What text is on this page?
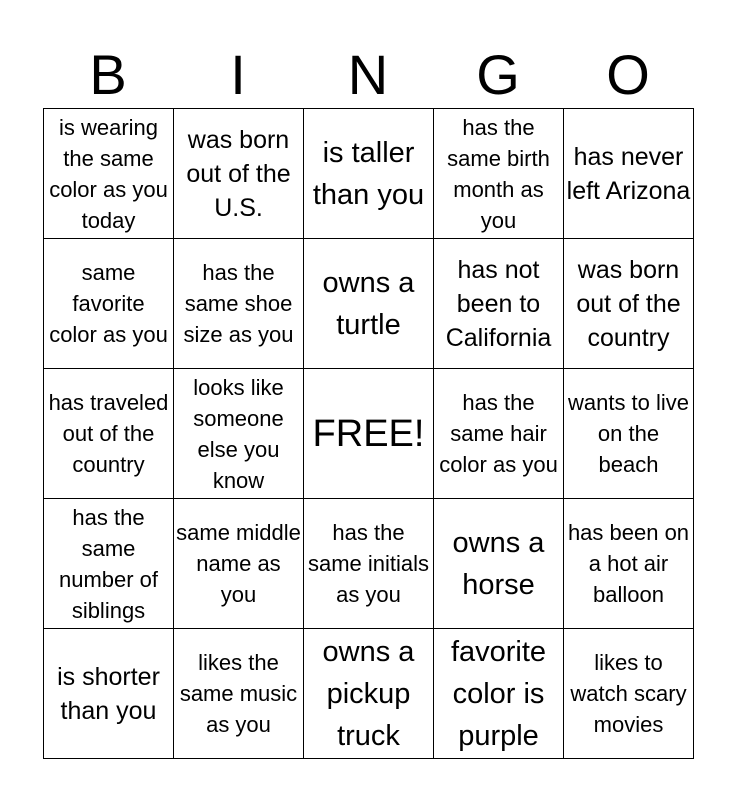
B	I	N	G	O
is wearing the same color as you today	was born out of the U.S.	is taller than you	has the same birth month as you	has never left Arizona
same favorite color as you	has the same shoe size as you	owns a turtle	has not been to California	was born out of the country
has traveled out of the country	looks like someone else you know	FREE!	has the same hair color as you	wants to live on the beach
has the same number of siblings	same middle name as you	has the same initials as you	owns a horse	has been on a hot air balloon
is shorter than you	likes the same music as you	owns a pickup truck	favorite color is purple	likes to watch scary movies
